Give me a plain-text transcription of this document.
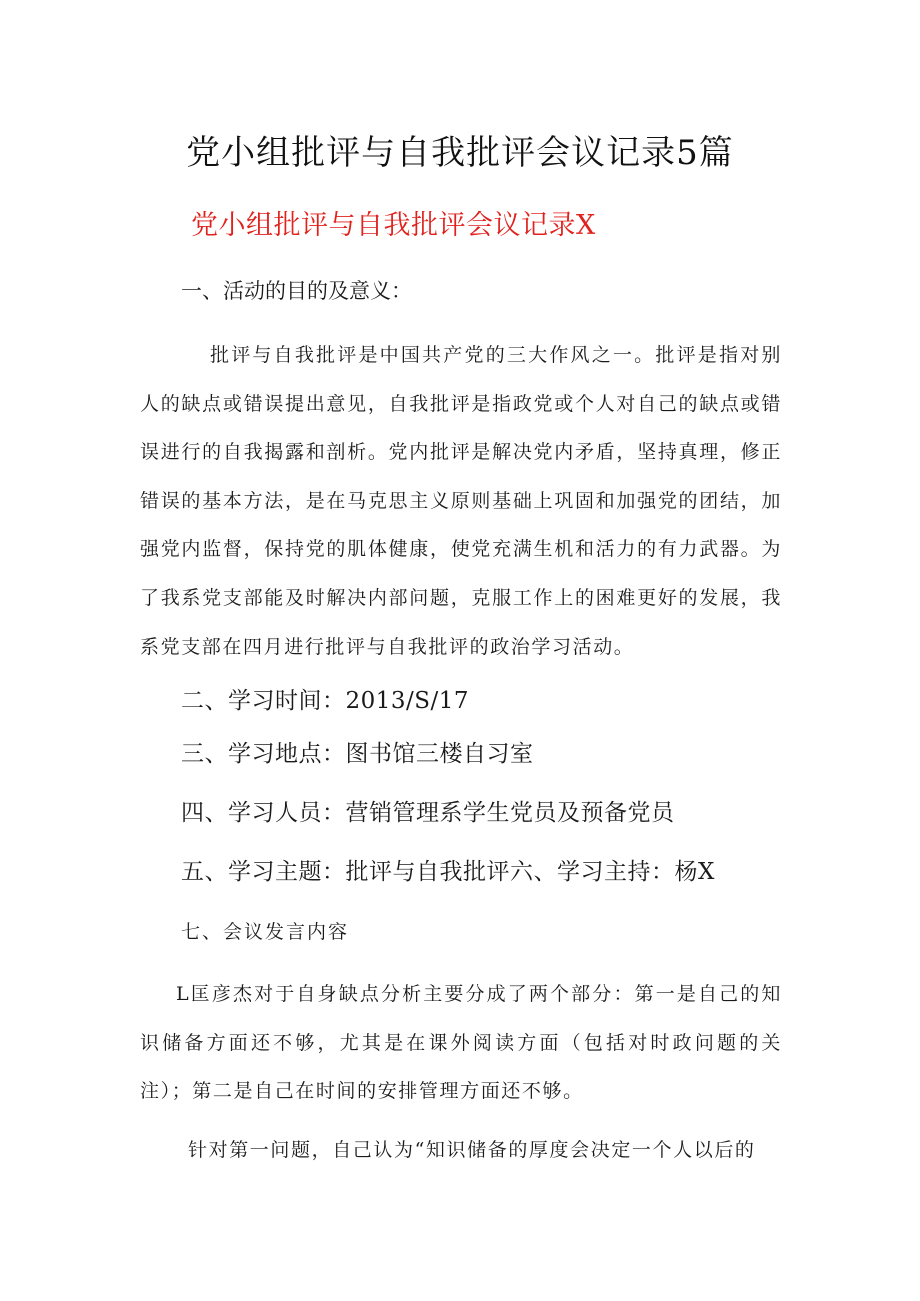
党小组批评与自我批评会议记录5篇
党小组批评与自我批评会议记录X

一、活动的目的及意义：

批评与自我批评是中国共产党的三大作风之一。批评是指对别人的缺点或错误提出意见，自我批评是指政党或个人对自己的缺点或错误进行的自我揭露和剖析。党内批评是解决党内矛盾，坚持真理，修正错误的基本方法，是在马克思主义原则基础上巩固和加强党的团结，加强党内监督，保持党的肌体健康，使党充满生机和活力的有力武器。为了我系党支部能及时解决内部问题，克服工作上的困难更好的发展，我系党支部在四月进行批评与自我批评的政治学习活动。

二、学习时间：2013/S/17

三、学习地点：图书馆三楼自习室

四、学习人员：营销管理系学生党员及预备党员

五、学习主题：批评与自我批评六、学习主持：杨X

七、会议发言内容

L匡彦杰对于自身缺点分析主要分成了两个部分：第一是自己的知识储备方面还不够，尤其是在课外阅读方面（包括对时政问题的关注）；第二是自己在时间的安排管理方面还不够。

针对第一问题，自己认为“知识储备的厚度会决定一个人以后的
